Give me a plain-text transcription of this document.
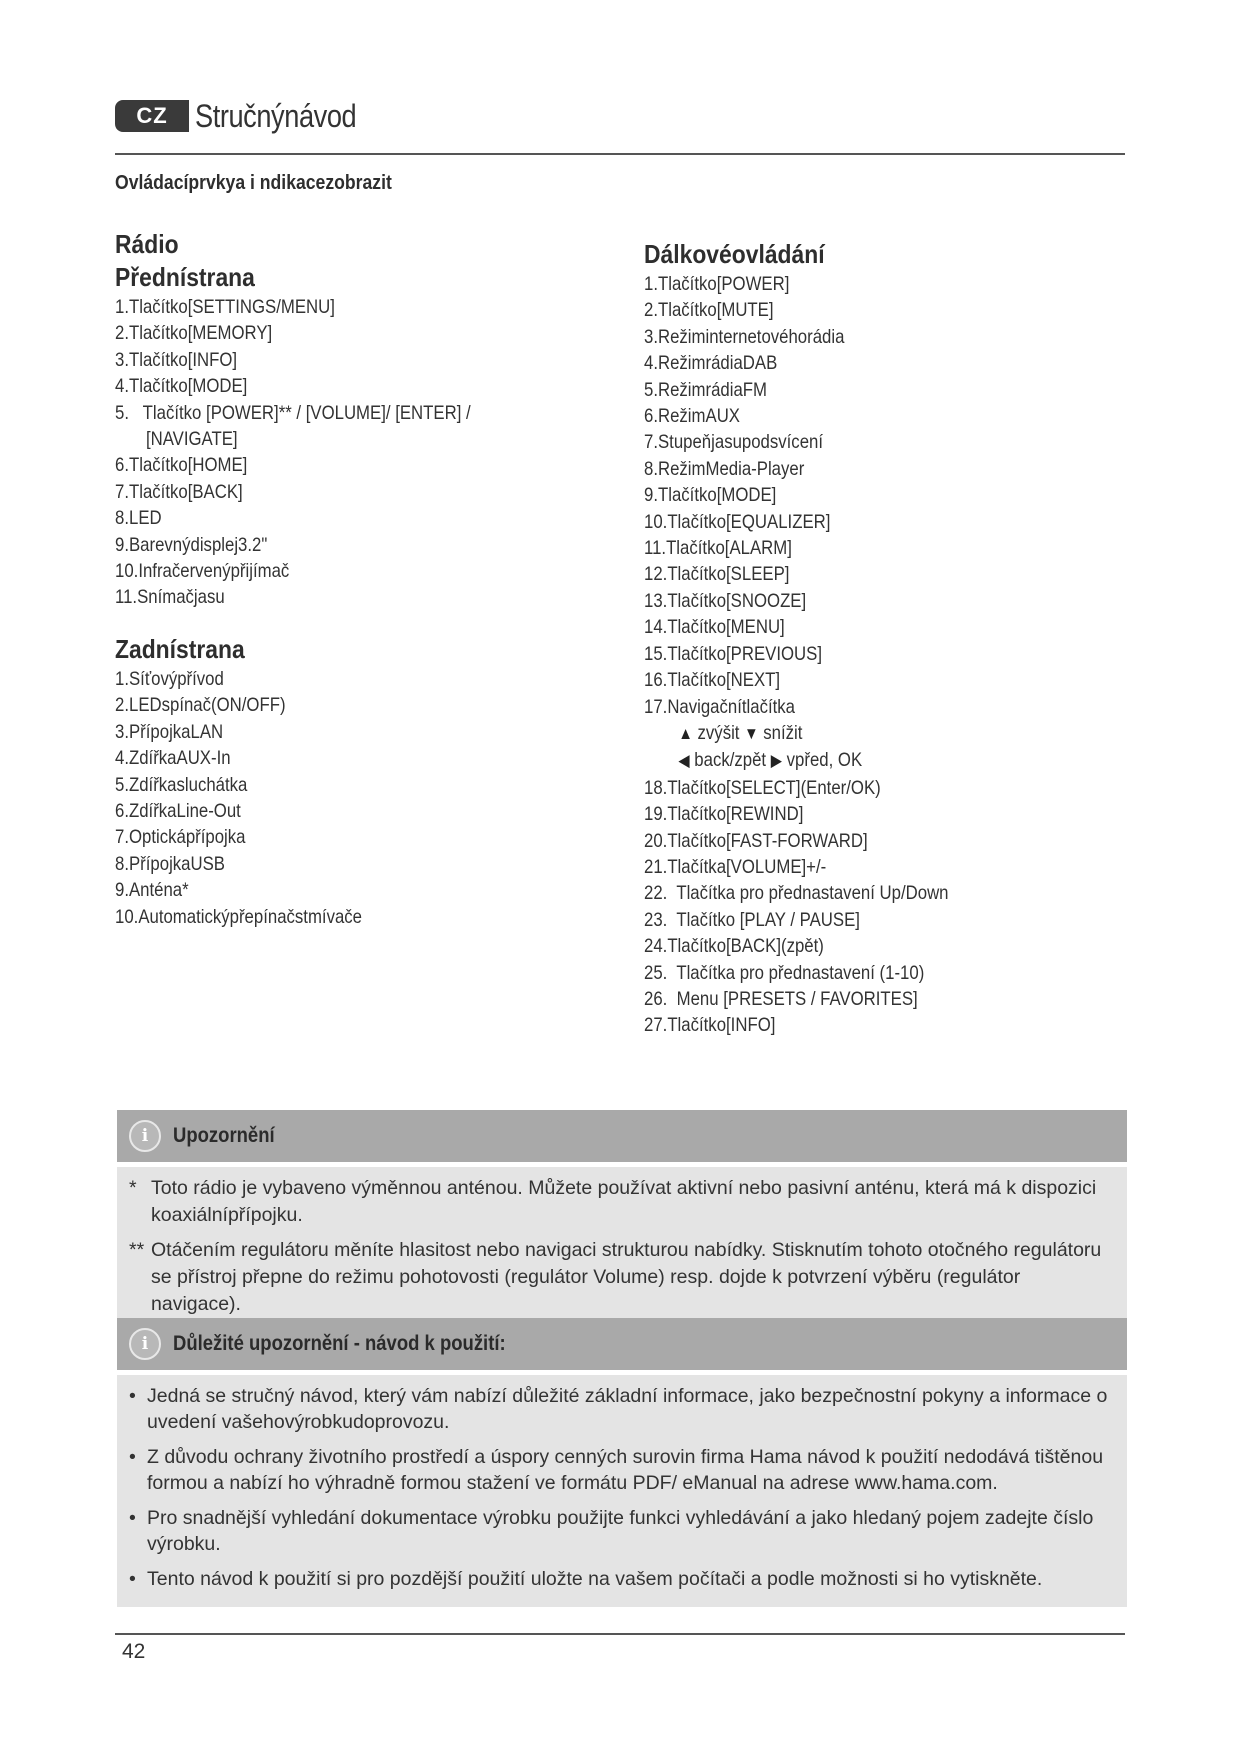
CZ Stručnýnávod
Ovládacíprvkya i ndikacezobrazit
Rádio
Přednístrana
1.Tlačítko[SETTINGS/MENU]
2.Tlačítko[MEMORY]
3.Tlačítko[INFO]
4.Tlačítko[MODE]
5.   Tlačítko [POWER]** / [VOLUME]/ [ENTER] /
[NAVIGATE]
6.Tlačítko[HOME]
7.Tlačítko[BACK]
8.LED
9.Barevnýdisplej3.2"
10.Infračervenýpřijímač
11.Snímačjasu
Zadnístrana
1.Síťovýpřívod
2.LEDspínač(ON/OFF)
3.PřípojkaLAN
4.ZdířkaAUX-In
5.Zdířkasluchátka
6.ZdířkaLine-Out
7.Optickápřípojka
8.PřípojkaUSB
9.Anténa*
10.Automatickýpřepínačstmívače
Dálkovéovládání
1.Tlačítko[POWER]
2.Tlačítko[MUTE]
3.Režiminternetovéhorádia
4.RežimrádiaDAB
5.RežimrádiaFM
6.RežimAUX
7.Stupeňjasupodsvícení
8.RežimMedia-Player
9.Tlačítko[MODE]
10.Tlačítko[EQUALIZER]
11.Tlačítko[ALARM]
12.Tlačítko[SLEEP]
13.Tlačítko[SNOOZE]
14.Tlačítko[MENU]
15.Tlačítko[PREVIOUS]
16.Tlačítko[NEXT]
17.Navigačnítlačítka
▲ zvýšit ▼ snížit
◀ back/zpět ▶ vpřed, OK
18.Tlačítko[SELECT](Enter/OK)
19.Tlačítko[REWIND]
20.Tlačítko[FAST-FORWARD]
21.Tlačítka[VOLUME]+/-
22.  Tlačítka pro přednastavení Up/Down
23.  Tlačítko [PLAY / PAUSE]
24.Tlačítko[BACK](zpět)
25.  Tlačítka pro přednastavení (1-10)
26.  Menu [PRESETS / FAVORITES]
27.Tlačítko[INFO]
i	Upozornění

* Toto rádio je vybaveno výměnnou anténou. Můžete používat aktivní nebo pasivní anténu, která má k dispozici koaxiálnípřípojku.

** Otáčením regulátoru měníte hlasitost nebo navigaci strukturou nabídky. Stisknutím tohoto otočného regulátoru se přístroj přepne do režimu pohotovosti (regulátor Volume) resp. dojde k potvrzení výběru (regulátor navigace).

i	Důležité upozornění - návod k použití:
• Jedná se stručný návod, který vám nabízí důležité základní informace, jako bezpečnostní pokyny a informace o uvedení vašehovýrobkudoprovozu.
• Z důvodu ochrany životního prostředí a úspory cenných surovin firma Hama návod k použití nedodává tištěnou formou a nabízí ho výhradně formou stažení ve formátu PDF/ eManual na adrese www.hama.com.
• Pro snadnější vyhledání dokumentace výrobku použijte funkci vyhledávání a jako hledaný pojem zadejte číslo výrobku.
• Tento návod k použití si pro pozdější použití uložte na vašem počítači a podle možnosti si ho vytiskněte.
42
